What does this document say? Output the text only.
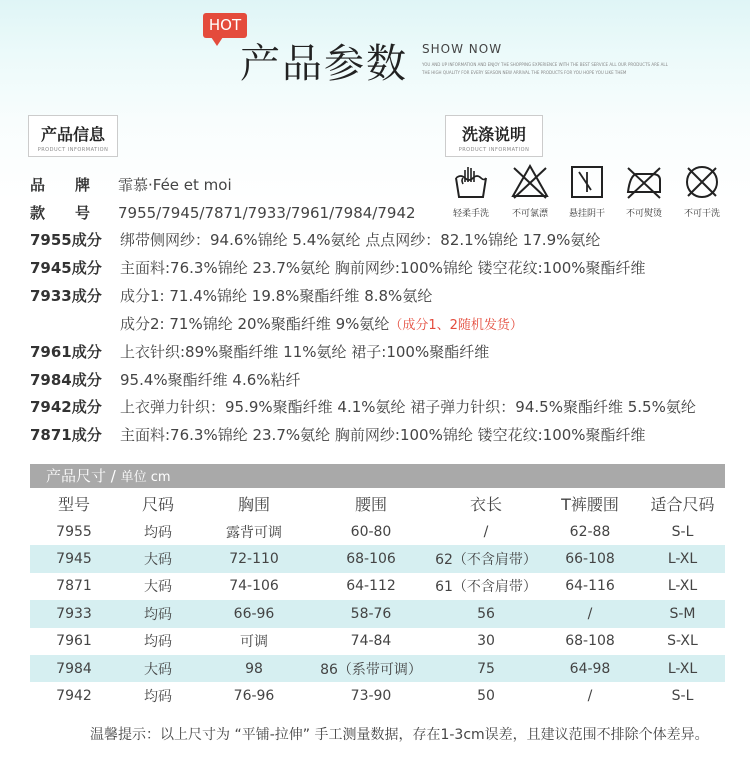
HOT
产品参数 SHOW NOW
YOU AND UP INFORMATION AND ENJOY THE SHOPPING EXPERIENCE WITH THE BEST SERVICE ALL OUR PRODUCTS ARE ALL
THE HIGH QUALITY FOR EVERY SEASON NEW ARRIVAL THE PRODUCTS FOR YOU HOPE YOU LIKE THEM
产品信息
PRODUCT INFORMATION
洗涤说明
PRODUCT INFORMATION
品　　牌 霏慕·Fée et moi
款　　号 7955/7945/7871/7933/7961/7984/7942
7955成分 绑带侧网纱：94.6%锦纶 5.4%氨纶 点点网纱：82.1%锦纶 17.9%氨纶
7945成分 主面料:76.3%锦纶 23.7%氨纶 胸前网纱:100%锦纶 镂空花纹:100%聚酯纤维
7933成分 成分1: 71.4%锦纶 19.8%聚酯纤维 8.8%氨纶
成分2: 71%锦纶 20%聚酯纤维 9%氨纶（成分1、2随机发货）
7961成分 上衣针织:89%聚酯纤维 11%氨纶 裙子:100%聚酯纤维
7984成分 95.4%聚酯纤维 4.6%粘纤
7942成分 上衣弹力针织：95.9%聚酯纤维 4.1%氨纶 裙子弹力针织：94.5%聚酯纤维 5.5%氨纶
7871成分 主面料:76.3%锦纶 23.7%氨纶 胸前网纱:100%锦纶 镂空花纹:100%聚酯纤维
轻柔手洗	不可氯漂	悬挂阴干	不可熨烫	不可干洗
产品尺寸 / 单位 cm
型号	尺码	胸围	腰围	衣长	T裤腰围	适合尺码
7955	均码	露背可调	60-80	/	62-88	S-L
7945	大码	72-110	68-106	62（不含肩带）	66-108	L-XL
7871	大码	74-106	64-112	61（不含肩带）	64-116	L-XL
7933	均码	66-96	58-76	56	/	S-M
7961	均码	可调	74-84	30	68-108	S-XL
7984	大码	98	86（系带可调）	75	64-98	L-XL
7942	均码	76-96	73-90	50	/	S-L
温馨提示：以上尺寸为 “平铺-拉伸” 手工测量数据，存在1-3cm误差，且建议范围不排除个体差异。
